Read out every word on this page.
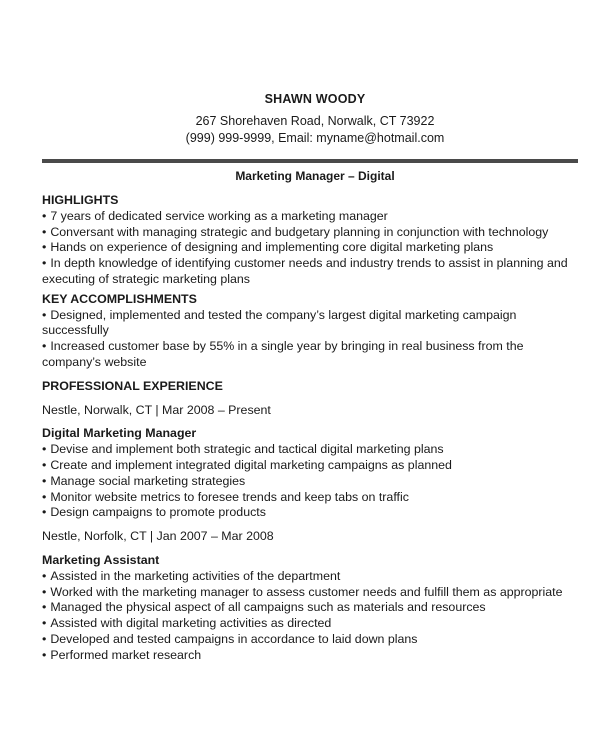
SHAWN WOODY
267 Shorehaven Road, Norwalk, CT 73922
(999) 999-9999, Email: myname@hotmail.com
Marketing Manager – Digital
HIGHLIGHTS
• 7 years of dedicated service working as a marketing manager
• Conversant with managing strategic and budgetary planning in conjunction with technology
• Hands on experience of designing and implementing core digital marketing plans
• In depth knowledge of identifying customer needs and industry trends to assist in planning and executing of strategic marketing plans
KEY ACCOMPLISHMENTS
• Designed, implemented and tested the company’s largest digital marketing campaign successfully
• Increased customer base by 55% in a single year by bringing in real business from the company’s website
PROFESSIONAL EXPERIENCE
Nestle, Norwalk, CT | Mar 2008 – Present
Digital Marketing Manager
• Devise and implement both strategic and tactical digital marketing plans
• Create and implement integrated digital marketing campaigns as planned
• Manage social marketing strategies
• Monitor website metrics to foresee trends and keep tabs on traffic
• Design campaigns to promote products
Nestle, Norfolk, CT | Jan 2007 – Mar 2008
Marketing Assistant
• Assisted in the marketing activities of the department
• Worked with the marketing manager to assess customer needs and fulfill them as appropriate
• Managed the physical aspect of all campaigns such as materials and resources
• Assisted with digital marketing activities as directed
• Developed and tested campaigns in accordance to laid down plans
• Performed market research
